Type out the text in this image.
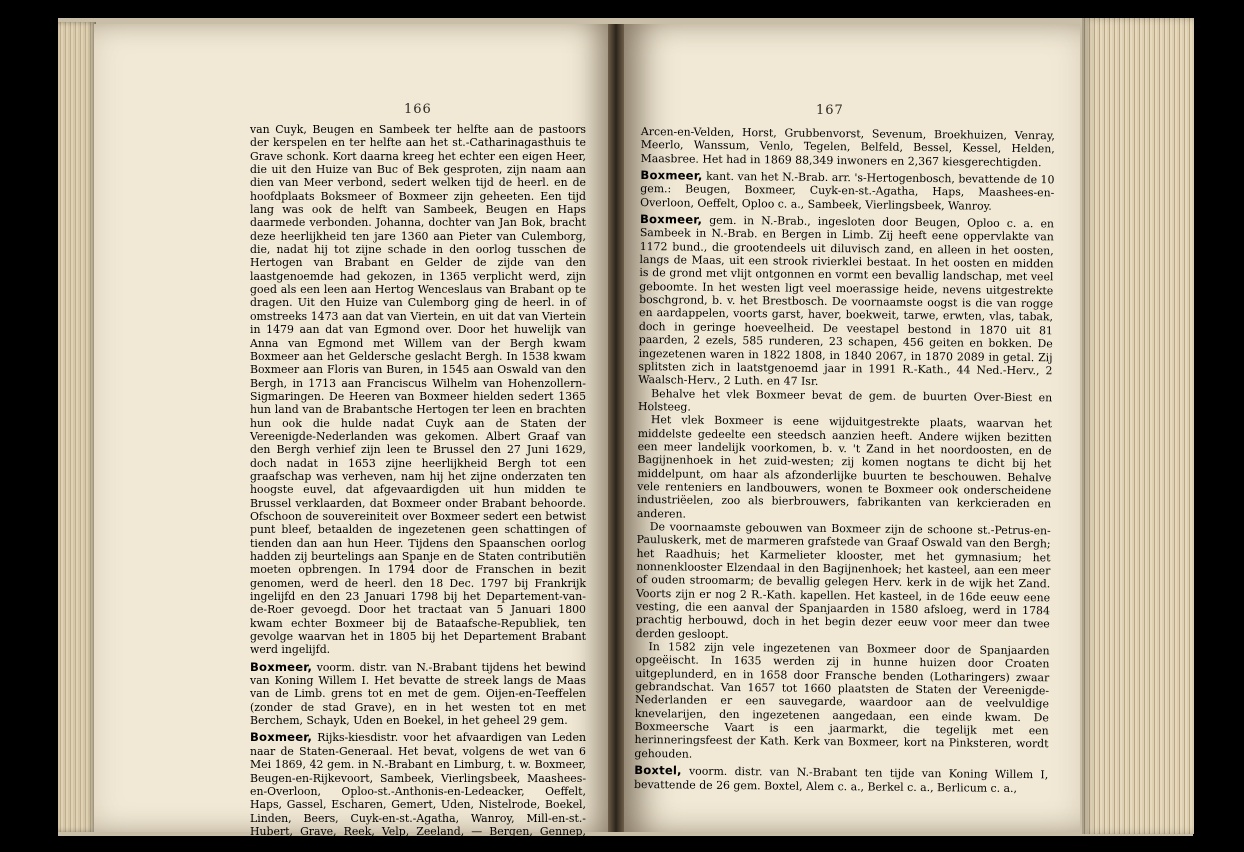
166	167

van Cuyk, Beugen en Sambeek ter helfte aan de pastoors der kerspelen en ter helfte aan het st.-Catharinagasthuis te Grave schonk. Kort daarna kreeg het echter een eigen Heer, die uit den Huize van Buc of Bek gesproten, zijn naam aan dien van Meer verbond, sedert welken tijd de heerl. en de hoofdplaats Boksmeer of Boxmeer zijn geheeten. Een tijd lang was ook de helft van Sambeek, Beugen en Haps daarmede verbonden. Johanna, dochter van Jan Bok, bracht deze heerlijkheid ten jare 1360 aan Pieter van Culemborg, die, nadat hij tot zijne schade in den oorlog tusschen de Hertogen van Brabant en Gelder de zijde van den laastgenoemde had gekozen, in 1365 verplicht werd, zijn goed als een leen aan Hertog Wenceslaus van Brabant op te dragen. Uit den Huize van Culemborg ging de heerl. in of omstreeks 1473 aan dat van Viertein, en uit dat van Viertein in 1479 aan dat van Egmond over. Door het huwelijk van Anna van Egmond met Willem van der Bergh kwam Boxmeer aan het Geldersche geslacht Bergh. In 1538 kwam Boxmeer aan Floris van Buren, in 1545 aan Oswald van den Bergh, in 1713 aan Franciscus Wilhelm van Hohenzollern-Sigmaringen. De Heeren van Boxmeer hielden sedert 1365 hun land van de Brabantsche Hertogen ter leen en brachten hun ook die hulde nadat Cuyk aan de Staten der Vereenigde-Nederlanden was gekomen. Albert Graaf van den Bergh verhief zijn leen te Brussel den 27 Juni 1629, doch nadat in 1653 zijne heerlijkheid Bergh tot een graafschap was verheven, nam hij het zijne onderzaten ten hoogste euvel, dat afgevaardigden uit hun midden te Brussel verklaarden, dat Boxmeer onder Brabant behoorde. Ofschoon de souvereiniteit over Boxmeer sedert een betwist punt bleef, betaalden de ingezetenen geen schattingen of tienden dan aan hun Heer. Tijdens den Spaanschen oorlog hadden zij beurtelings aan Spanje en de Staten contributiën moeten opbrengen. In 1794 door de Franschen in bezit genomen, werd de heerl. den 18 Dec. 1797 bij Frankrijk ingelijfd en den 23 Januari 1798 bij het Departement-van-de-Roer gevoegd. Door het tractaat van 5 Januari 1800 kwam echter Boxmeer bij de Bataafsche-Republiek, ten gevolge waarvan het in 1805 bij het Departement Brabant werd ingelijfd.

Boxmeer, voorm. distr. van N.-Brabant tijdens het bewind van Koning Willem I. Het bevatte de streek langs de Maas van de Limb. grens tot en met de gem. Oijen-en-Teeffelen (zonder de stad Grave), en in het westen tot en met Berchem, Schayk, Uden en Boekel, in het geheel 29 gem.

Boxmeer, Rijks-kiesdistr. voor het afvaardigen van Leden naar de Staten-Generaal. Het bevat, volgens de wet van 6 Mei 1869, 42 gem. in N.-Brabant en Limburg, t. w. Boxmeer, Beugen-en-Rijkevoort, Sambeek, Vierlingsbeek, Maashees-en-Overloon, Oploo-st.-Anthonis-en-Ledeacker, Oeffelt, Haps, Gassel, Escharen, Gemert, Uden, Nistelrode, Boekel, Linden, Beers, Cuyk-en-st.-Agatha, Wanroy, Mill-en-st.-Hubert, Grave, Reek, Velp, Zeeland, — Bergen, Gennep, Mook-en-Middelaar, Ottersum,

Arcen-en-Velden, Horst, Grubbenvorst, Sevenum, Broekhuizen, Venray, Meerlo, Wanssum, Venlo, Tegelen, Belfeld, Bessel, Kessel, Helden, Maasbree. Het had in 1869 88,349 inwoners en 2,367 kiesgerechtigden.

Boxmeer, kant. van het N.-Brab. arr. 's-Hertogenbosch, bevattende de 10 gem.: Beugen, Boxmeer, Cuyk-en-st.-Agatha, Haps, Maashees-en-Overloon, Oeffelt, Oploo c. a., Sambeek, Vierlingsbeek, Wanroy.

Boxmeer, gem. in N.-Brab., ingesloten door Beugen, Oploo c. a. en Sambeek in N.-Brab. en Bergen in Limb. Zij heeft eene oppervlakte van 1172 bund., die grootendeels uit diluvisch zand, en alleen in het oosten, langs de Maas, uit een strook rivierklei bestaat. In het oosten en midden is de grond met vlijt ontgonnen en vormt een bevallig landschap, met veel geboomte. In het westen ligt veel moerassige heide, nevens uitgestrekte boschgrond, b. v. het Brestbosch. De voornaamste oogst is die van rogge en aardappelen, voorts garst, haver, boekweit, tarwe, erwten, vlas, tabak, doch in geringe hoeveelheid. De veestapel bestond in 1870 uit 81 paarden, 2 ezels, 585 runderen, 23 schapen, 456 geiten en bokken. De ingezetenen waren in 1822 1808, in 1840 2067, in 1870 2089 in getal. Zij splitsten zich in laatstgenoemd jaar in 1991 R.-Kath., 44 Ned.-Herv., 2 Waalsch-Herv., 2 Luth. en 47 Isr.

Behalve het vlek Boxmeer bevat de gem. de buurten Over-Biest en Holsteeg.

Het vlek Boxmeer is eene wijduitgestrekte plaats, waarvan het middelste gedeelte een steedsch aanzien heeft. Andere wijken bezitten een meer landelijk voorkomen, b. v. 't Zand in het noordoosten, en de Bagijnenhoek in het zuid-westen; zij komen nogtans te dicht bij het middelpunt, om haar als afzonderlijke buurten te beschouwen. Behalve vele renteniers en landbouwers, wonen te Boxmeer ook onderscheidene industriëelen, zoo als bierbrouwers, fabrikanten van kerkcieraden en anderen.

De voornaamste gebouwen van Boxmeer zijn de schoone st.-Petrus-en-Pauluskerk, met de marmeren grafstede van Graaf Oswald van den Bergh; het Raadhuis; het Karmelieter klooster, met het gymnasium; het nonnenklooster Elzendaal in den Bagijnenhoek; het kasteel, aan een meer of ouden stroomarm; de bevallig gelegen Herv. kerk in de wijk het Zand. Voorts zijn er nog 2 R.-Kath. kapellen. Het kasteel, in de 16de eeuw eene vesting, die een aanval der Spanjaarden in 1580 afsloeg, werd in 1784 prachtig herbouwd, doch in het begin dezer eeuw voor meer dan twee derden gesloopt.

In 1582 zijn vele ingezetenen van Boxmeer door de Spanjaarden opgeëischt. In 1635 werden zij in hunne huizen door Croaten uitgeplunderd, en in 1658 door Fransche benden (Lotharingers) zwaar gebrandschat. Van 1657 tot 1660 plaatsten de Staten der Vereenigde-Nederlanden er een sauvegarde, waardoor aan de veelvuldige knevelarijen, den ingezetenen aangedaan, een einde kwam. De Boxmeersche Vaart is een jaarmarkt, die tegelijk met een herinneringsfeest der Kath. Kerk van Boxmeer, kort na Pinksteren, wordt gehouden.

Boxtel, voorm. distr. van N.-Brabant ten tijde van Koning Willem I, bevattende de 26 gem. Boxtel, Alem c. a., Berkel c. a., Berlicum c. a.,
